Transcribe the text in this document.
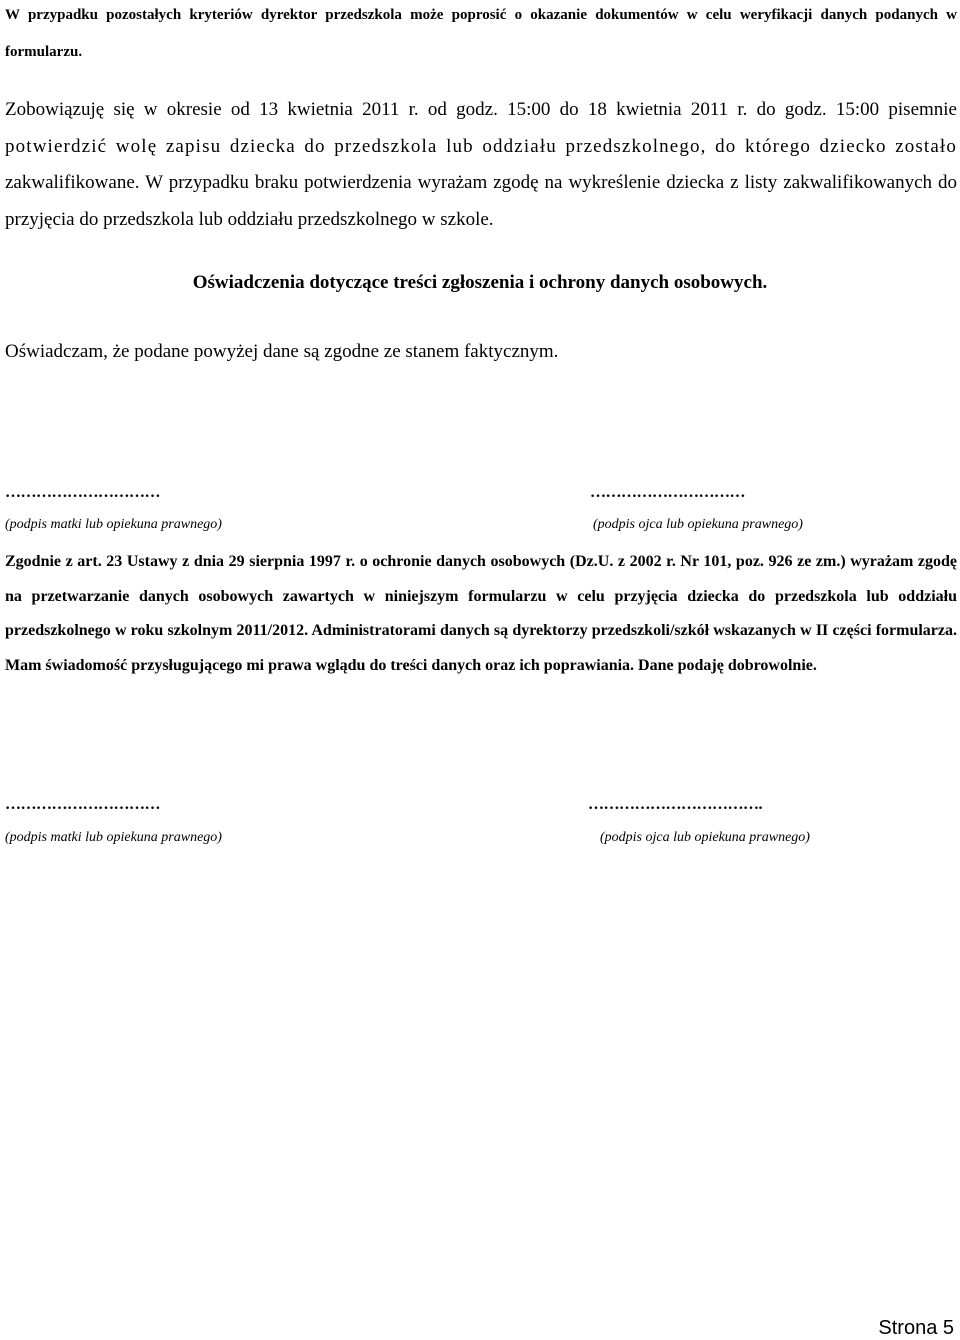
W przypadku pozostałych kryteriów dyrektor przedszkola może poprosić o okazanie dokumentów w celu weryfikacji danych podanych w formularzu.
Zobowiązuję się w okresie od 13 kwietnia 2011 r. od godz. 15:00 do 18 kwietnia 2011 r. do godz. 15:00 pisemnie potwierdzić wolę zapisu dziecka do przedszkola lub oddziału przedszkolnego, do którego dziecko zostało zakwalifikowane. W przypadku braku potwierdzenia wyrażam zgodę na wykreślenie dziecka z listy zakwalifikowanych do przyjęcia do przedszkola lub oddziału przedszkolnego w szkole.
Oświadczenia dotyczące treści zgłoszenia i ochrony danych osobowych.
Oświadczam, że podane powyżej dane są zgodne ze stanem faktycznym.
…………………………	…………………………
(podpis matki lub opiekuna prawnego)	(podpis ojca lub opiekuna prawnego)
Zgodnie z art. 23 Ustawy z dnia 29 sierpnia 1997 r. o ochronie danych osobowych (Dz.U. z 2002 r. Nr 101, poz. 926 ze zm.) wyrażam zgodę na przetwarzanie danych osobowych zawartych w niniejszym formularzu w celu przyjęcia dziecka do przedszkola lub oddziału przedszkolnego w roku szkolnym 2011/2012. Administratorami danych są dyrektorzy przedszkoli/szkół wskazanych w II części formularza. Mam świadomość przysługującego mi prawa wglądu do treści danych oraz ich poprawiania. Dane podaję dobrowolnie.
…………………………	…………………………….
(podpis matki lub opiekuna prawnego)	(podpis ojca lub opiekuna prawnego)
Strona 5
